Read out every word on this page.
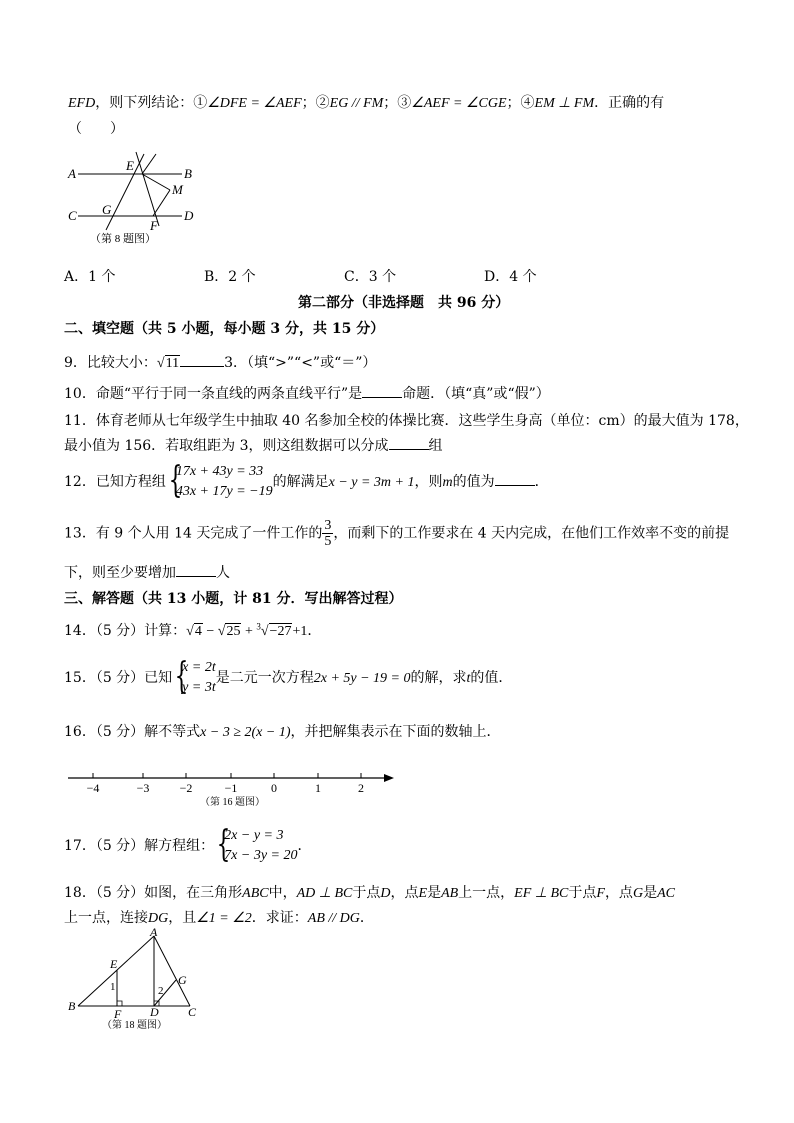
EFD，则下列结论：①∠DFE = ∠AEF；②EG // FM；③∠AEF = ∠CGE；④EM ⊥ FM．正确的有
（　　）
A	B
C	D
E
F
G
M
（第 8 题图）
A．1 个	B．2 个	C．3 个	D．4 个
第二部分（非选择题　共 96 分）
二、填空题（共 5 小题，每小题 3 分，共 15 分）
9．比较大小：√11	3．（填“>”“<”或“＝”）
10．命题“平行于同一条直线的两条直线平行”是	命题．（填“真”或“假”）
11．体育老师从七年级学生中抽取 40 名参加全校的体操比赛．这些学生身高（单位：cm）的最大值为 178，
最小值为 156．若取组距为 3，则这组数据可以分成	组
12．已知方程组 {
17x + 43y = 33
43x + 17y = −19
的解满足x − y = 3m + 1，则m的值为	．
13．有 9 个人用 14 天完成了一件工作的 $\frac{3}{5}$ ，而剩下的工作要求在 4 天内完成，在他们工作效率不变的前提
下，则至少要增加	人
三、解答题（共 13 小题，计 81 分．写出解答过程）
14．（5 分）计算：√4 − √25 + $^3$√−27+1．
15．（5 分）已知 {
x = 2t
y = 3t
是二元一次方程2x + 5y − 19 = 0的解，求t的值．
16．（5 分）解不等式x − 3 ≥ 2(x − 1)，并把解集表示在下面的数轴上．
−4	−3	−2	−1	0	1	2
（第 16 题图）
17．（5 分）解方程组： {
2x − y = 3
7x − 3y = 20
．
18．（5 分）如图，在三角形ABC中，AD ⊥ BC于点D，点E是AB上一点，EF ⊥ BC于点F，点G是AC
上一点，连接DG，且∠1 = ∠2．求证：AB // DG．
A
B	C
D
E
F
G
1	2
（第 18 题图）
